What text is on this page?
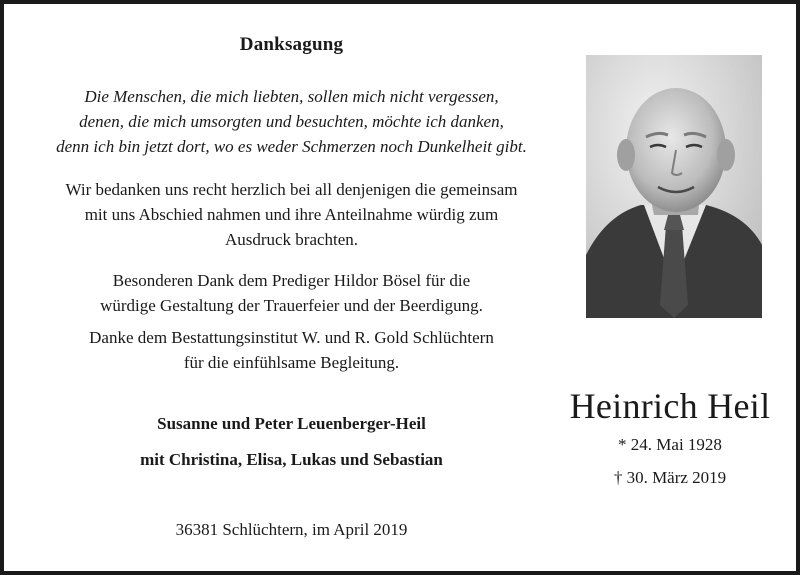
Danksagung

Die Menschen, die mich liebten, sollen mich nicht vergessen,

denen, die mich umsorgten und besuchten, möchte ich danken,

denn ich bin jetzt dort, wo es weder Schmerzen noch Dunkelheit gibt.

Wir bedanken uns recht herzlich bei all denjenigen die gemeinsam

mit uns Abschied nahmen und ihre Anteilnahme würdig zum

Ausdruck brachten.

Besonderen Dank dem Prediger Hildor Bösel für die

würdige Gestaltung der Trauerfeier und der Beerdigung.

Danke dem Bestattungsinstitut W. und R. Gold Schlüchtern

für die einfühlsame Begleitung.

Susanne und Peter Leuenberger-Heil

mit Christina, Elisa, Lukas und Sebastian

36381 Schlüchtern, im April 2019

Heinrich Heil

* 24. Mai 1928

† 30. März 2019
